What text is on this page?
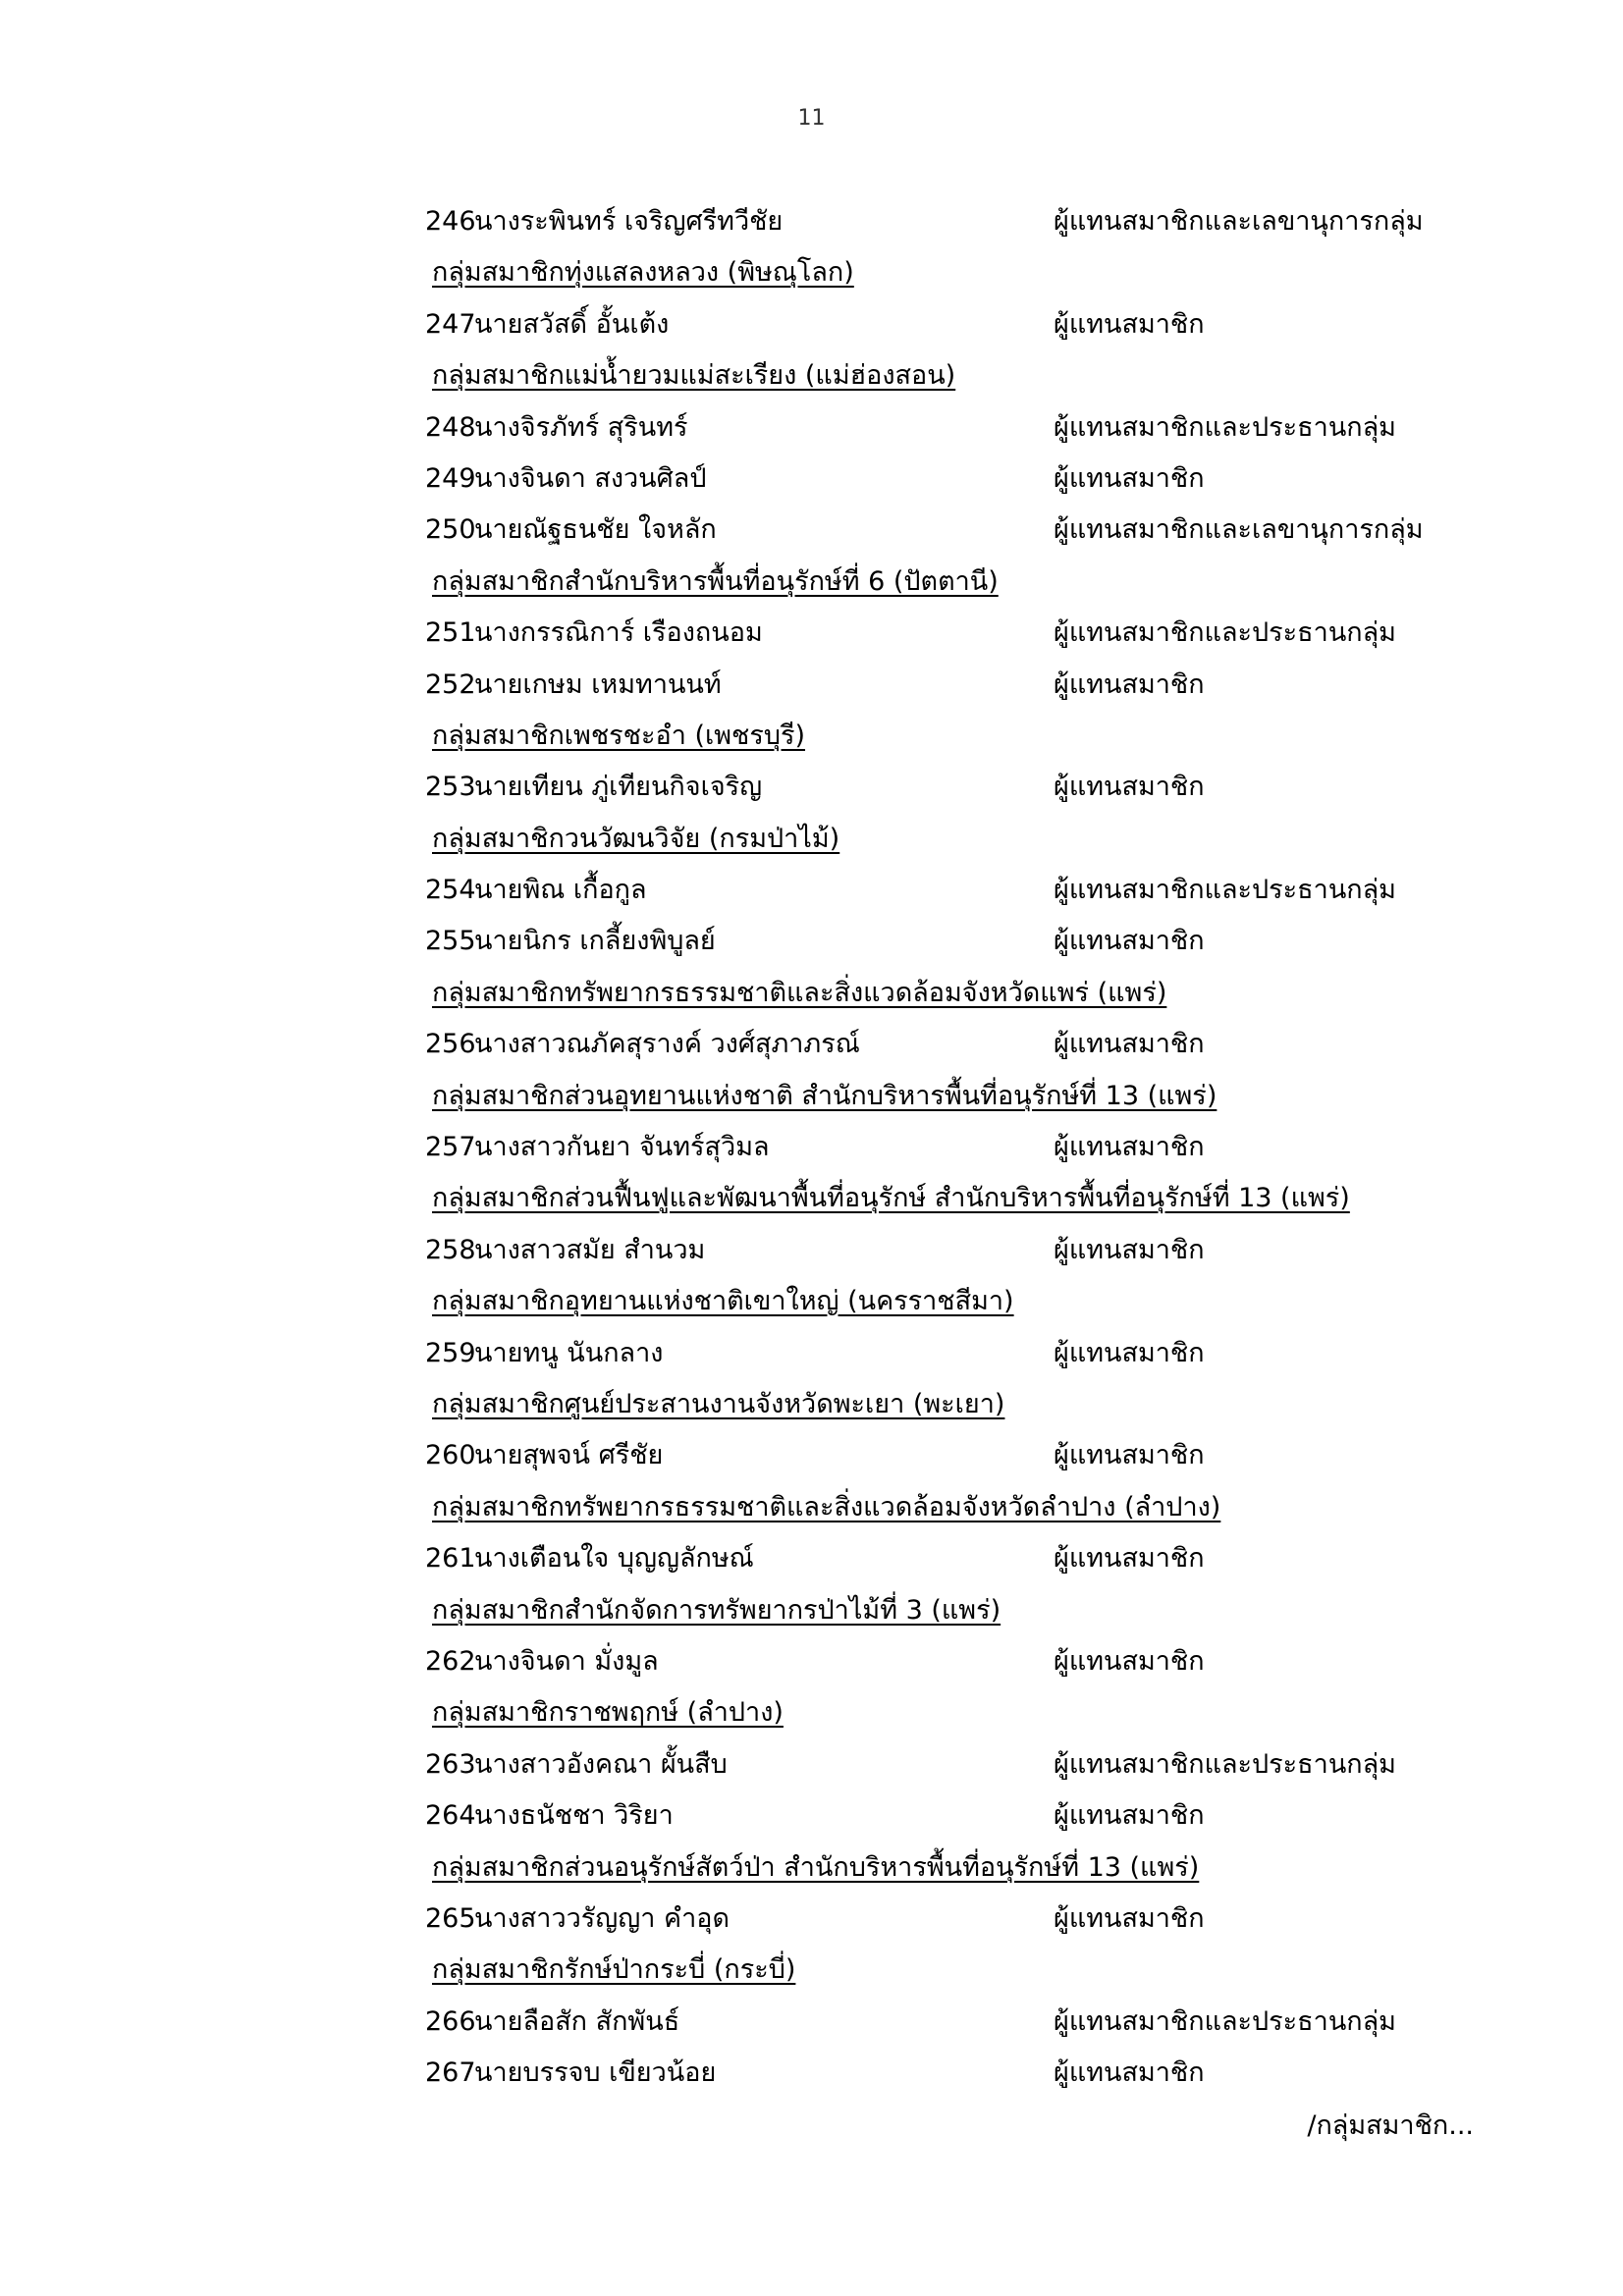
11
246
นางระพินทร์ เจริญศรีทวีชัย	ผู้แทนสมาชิกและเลขานุการกลุ่ม
กลุ่มสมาชิกทุ่งแสลงหลวง (พิษณุโลก)
247
นายสวัสดิ์ อั้นเต้ง	ผู้แทนสมาชิก
กลุ่มสมาชิกแม่น้ำยวมแม่สะเรียง (แม่ฮ่องสอน)
248
นางจิรภัทร์ สุรินทร์	ผู้แทนสมาชิกและประธานกลุ่ม
249
นางจินดา สงวนศิลป์	ผู้แทนสมาชิก
250
นายณัฐธนชัย ใจหลัก	ผู้แทนสมาชิกและเลขานุการกลุ่ม
กลุ่มสมาชิกสำนักบริหารพื้นที่อนุรักษ์ที่ 6 (ปัตตานี)
251
นางกรรณิการ์ เรืองถนอม	ผู้แทนสมาชิกและประธานกลุ่ม
252
นายเกษม เหมทานนท์	ผู้แทนสมาชิก
กลุ่มสมาชิกเพชรชะอำ (เพชรบุรี)
253
นายเทียน ภู่เทียนกิจเจริญ	ผู้แทนสมาชิก
กลุ่มสมาชิกวนวัฒนวิจัย (กรมป่าไม้)
254
นายพิณ เกื้อกูล	ผู้แทนสมาชิกและประธานกลุ่ม
255
นายนิกร เกลี้ยงพิบูลย์	ผู้แทนสมาชิก
กลุ่มสมาชิกทรัพยากรธรรมชาติและสิ่งแวดล้อมจังหวัดแพร่ (แพร่)
256
นางสาวณภัคสุรางค์ วงศ์สุภาภรณ์	ผู้แทนสมาชิก
กลุ่มสมาชิกส่วนอุทยานแห่งชาติ สำนักบริหารพื้นที่อนุรักษ์ที่ 13 (แพร่)
257
นางสาวกันยา จันทร์สุวิมล	ผู้แทนสมาชิก
กลุ่มสมาชิกส่วนฟื้นฟูและพัฒนาพื้นที่อนุรักษ์ สำนักบริหารพื้นที่อนุรักษ์ที่ 13 (แพร่)
258
นางสาวสมัย สำนวม	ผู้แทนสมาชิก
กลุ่มสมาชิกอุทยานแห่งชาติเขาใหญ่ (นครราชสีมา)
259
นายทนู นันกลาง	ผู้แทนสมาชิก
กลุ่มสมาชิกศูนย์ประสานงานจังหวัดพะเยา (พะเยา)
260
นายสุพจน์ ศรีชัย	ผู้แทนสมาชิก
กลุ่มสมาชิกทรัพยากรธรรมชาติและสิ่งแวดล้อมจังหวัดลำปาง (ลำปาง)
261
นางเตือนใจ บุญญลักษณ์	ผู้แทนสมาชิก
กลุ่มสมาชิกสำนักจัดการทรัพยากรป่าไม้ที่ 3 (แพร่)
262
นางจินดา มั่งมูล	ผู้แทนสมาชิก
กลุ่มสมาชิกราชพฤกษ์ (ลำปาง)
263
นางสาวอังคณา ผั้นสืบ	ผู้แทนสมาชิกและประธานกลุ่ม
264
นางธนัชชา วิริยา	ผู้แทนสมาชิก
กลุ่มสมาชิกส่วนอนุรักษ์สัตว์ป่า สำนักบริหารพื้นที่อนุรักษ์ที่ 13 (แพร่)
265
นางสาววรัญญา คำอุด	ผู้แทนสมาชิก
กลุ่มสมาชิกรักษ์ป่ากระบี่ (กระบี่)
266
นายลือสัก สักพันธ์	ผู้แทนสมาชิกและประธานกลุ่ม
267
นายบรรจบ เขียวน้อย	ผู้แทนสมาชิก
/กลุ่มสมาชิก...
